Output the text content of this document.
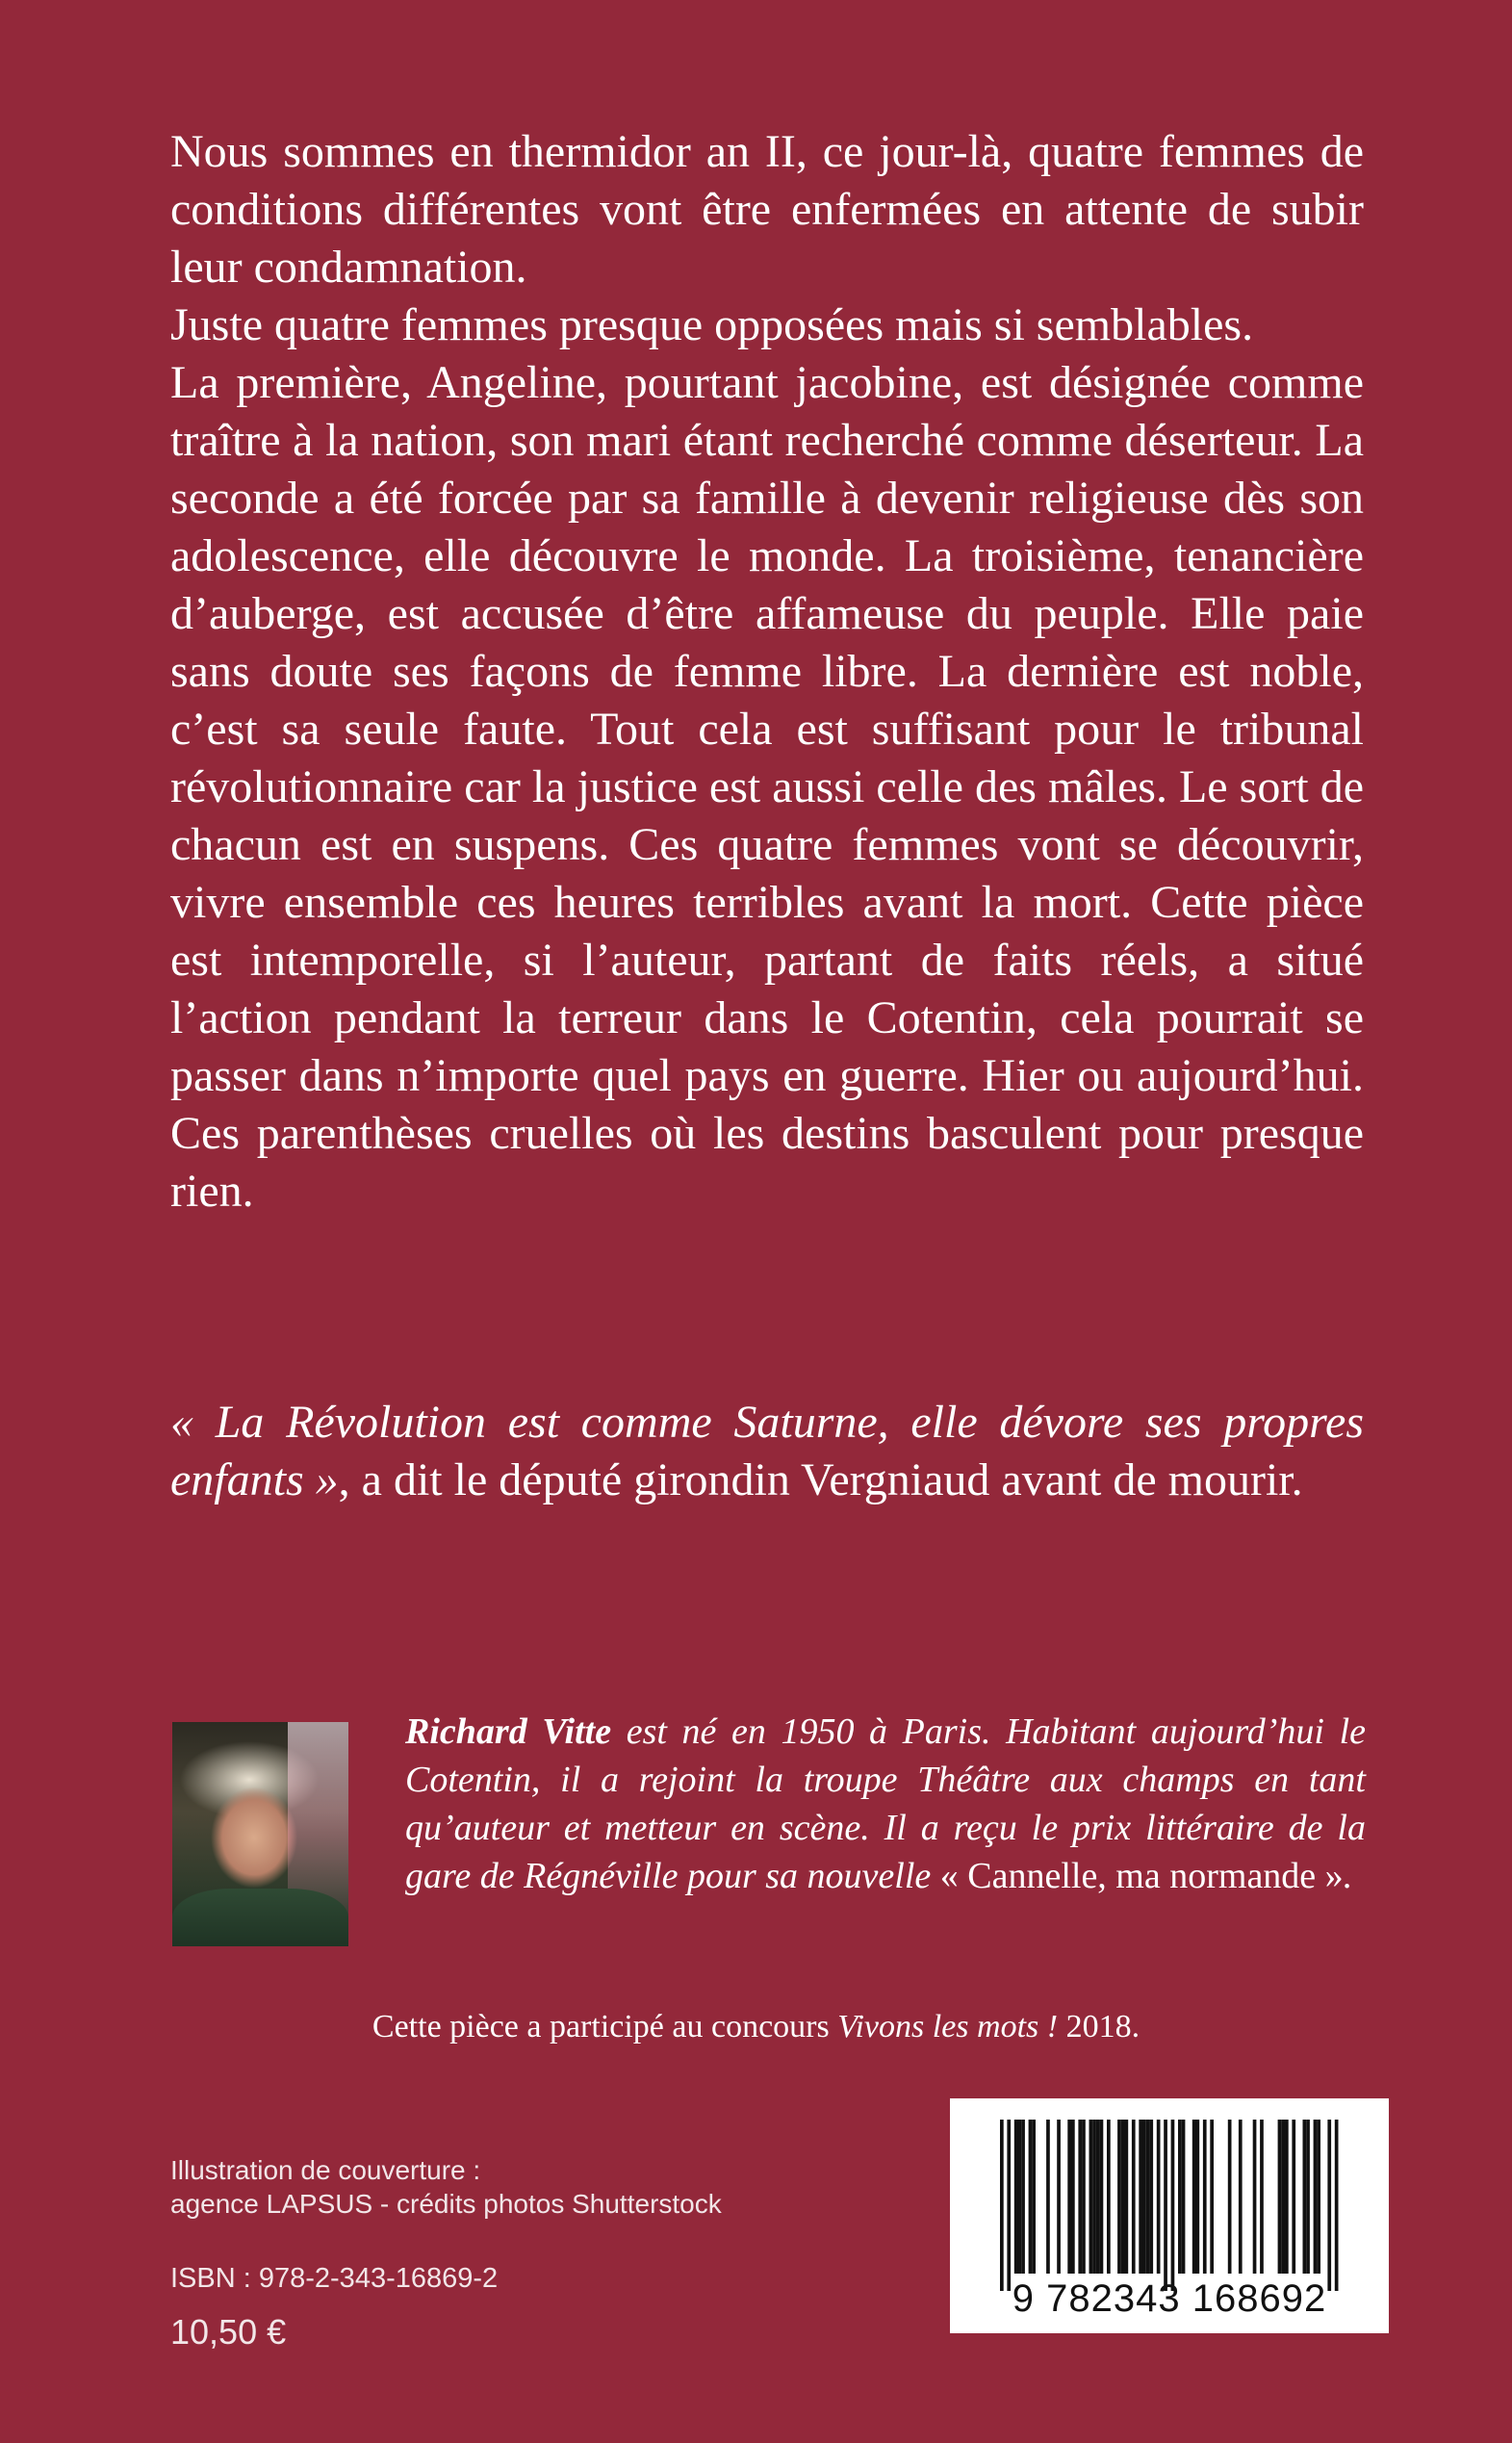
Nous sommes en thermidor an II, ce jour-là, quatre femmes de conditions différentes vont être enfermées en attente de subir leur condamnation.

Juste quatre femmes presque opposées mais si semblables.

La première, Angeline, pourtant jacobine, est désignée comme traître à la nation, son mari étant recherché comme déserteur. La seconde a été forcée par sa famille à devenir religieuse dès son adolescence, elle découvre le monde. La troisième, tenancière d’auberge, est accusée d’être affameuse du peuple. Elle paie sans doute ses façons de femme libre. La dernière est noble, c’est sa seule faute. Tout cela est suffisant pour le tribunal révolutionnaire car la justice est aussi celle des mâles. Le sort de chacun est en suspens. Ces quatre femmes vont se découvrir, vivre ensemble ces heures terribles avant la mort. Cette pièce est intemporelle, si l’auteur, partant de faits réels, a situé l’action pendant la terreur dans le Cotentin, cela pourrait se passer dans n’importe quel pays en guerre. Hier ou aujourd’hui. Ces parenthèses cruelles où les destins basculent pour presque rien.

« La Révolution est comme Saturne, elle dévore ses propres enfants », a dit le député girondin Vergniaud avant de mourir.

Richard Vitte est né en 1950 à Paris. Habitant aujourd’hui le Cotentin, il a rejoint la troupe Théâtre aux champs en tant qu’auteur et metteur en scène. Il a reçu le prix littéraire de la gare de Régnéville pour sa nouvelle « Cannelle, ma normande ».

Cette pièce a participé au concours Vivons les mots ! 2018.

Illustration de couverture :
agence LAPSUS - crédits photos Shutterstock

ISBN : 978-2-343-16869-2

10,50 €

9 782343 168692
